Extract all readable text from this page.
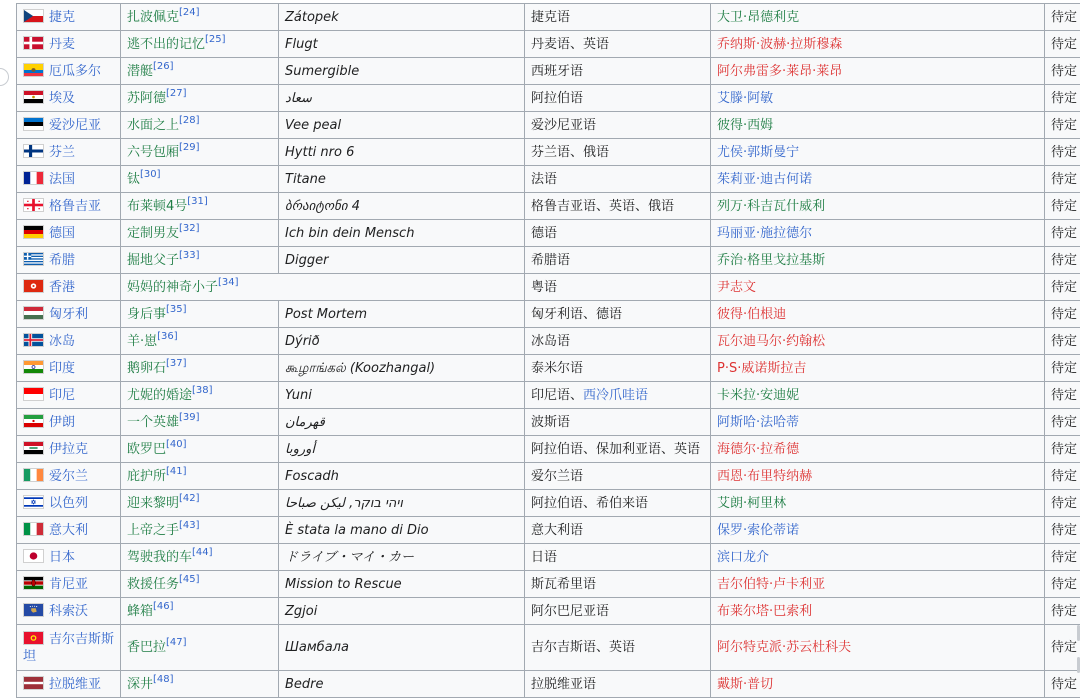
捷克	扎波佩克[24]	Zátopek	捷克语	大卫·昂德利克	待定
丹麦	逃不出的记忆[25]	Flugt	丹麦语、英语	乔纳斯·波赫·拉斯穆森	待定
厄瓜多尔	潜艇[26]	Sumergible	西班牙语	阿尔弗雷多·莱昂·莱昂	待定
埃及	苏阿德[27]	سعاد	阿拉伯语	艾滕·阿敏	待定
爱沙尼亚	水面之上[28]	Vee peal	爱沙尼亚语	彼得·西姆	待定
芬兰	六号包厢[29]	Hytti nro 6	芬兰语、俄语	尤侯·郭斯曼宁	待定
法国	钛[30]	Titane	法语	茱莉亚·迪古何诺	待定
格鲁吉亚	布莱顿4号[31]	ბრაიტონი 4	格鲁吉亚语、英语、俄语	列万·科吉瓦什威利	待定
德国	定制男友[32]	Ich bin dein Mensch	德语	玛丽亚·施拉德尔	待定
希腊	掘地父子[33]	Digger	希腊语	乔治·格里戈拉基斯	待定
香港	妈妈的神奇小子[34]		粤语	尹志文	待定
匈牙利	身后事[35]	Post Mortem	匈牙利语、德语	彼得·伯根迪	待定
冰岛	羊·崽[36]	Dýrið	冰岛语	瓦尔迪马尔·约翰松	待定
印度	鹅卵石[37]	கூழாங்கல் (Koozhangal)	泰米尔语	P·S·威诺斯拉吉	待定
印尼	尤妮的婚途[38]	Yuni	印尼语、西冷爪哇语	卡米拉·安迪妮	待定
伊朗	一个英雄[39]	قهرمان	波斯语	阿斯哈·法哈蒂	待定
伊拉克	欧罗巴[40]	أوروبا	阿拉伯语、保加利亚语、英语	海德尔·拉希德	待定
爱尔兰	庇护所[41]	Foscadh	爱尔兰语	西恩·布里特纳赫	待定
以色列	迎来黎明[42]	ויהי בוקר, ليكن صباحا	阿拉伯语、希伯来语	艾朗·柯里林	待定
意大利	上帝之手[43]	È stata la mano di Dio	意大利语	保罗·索伦蒂诺	待定
日本	驾驶我的车[44]	ドライブ・マイ・カー	日语	滨口龙介	待定
肯尼亚	救援任务[45]	Mission to Rescue	斯瓦希里语	吉尔伯特·卢卡利亚	待定
科索沃	蜂箱[46]	Zgjoi	阿尔巴尼亚语	布莱尔塔·巴索利	待定
吉尔吉斯斯坦	香巴拉[47]	Шамбала	吉尔吉斯语、英语	阿尔特克派·苏云杜科夫	待定
拉脱维亚	深井[48]	Bedre	拉脱维亚语	戴斯·普切	待定
